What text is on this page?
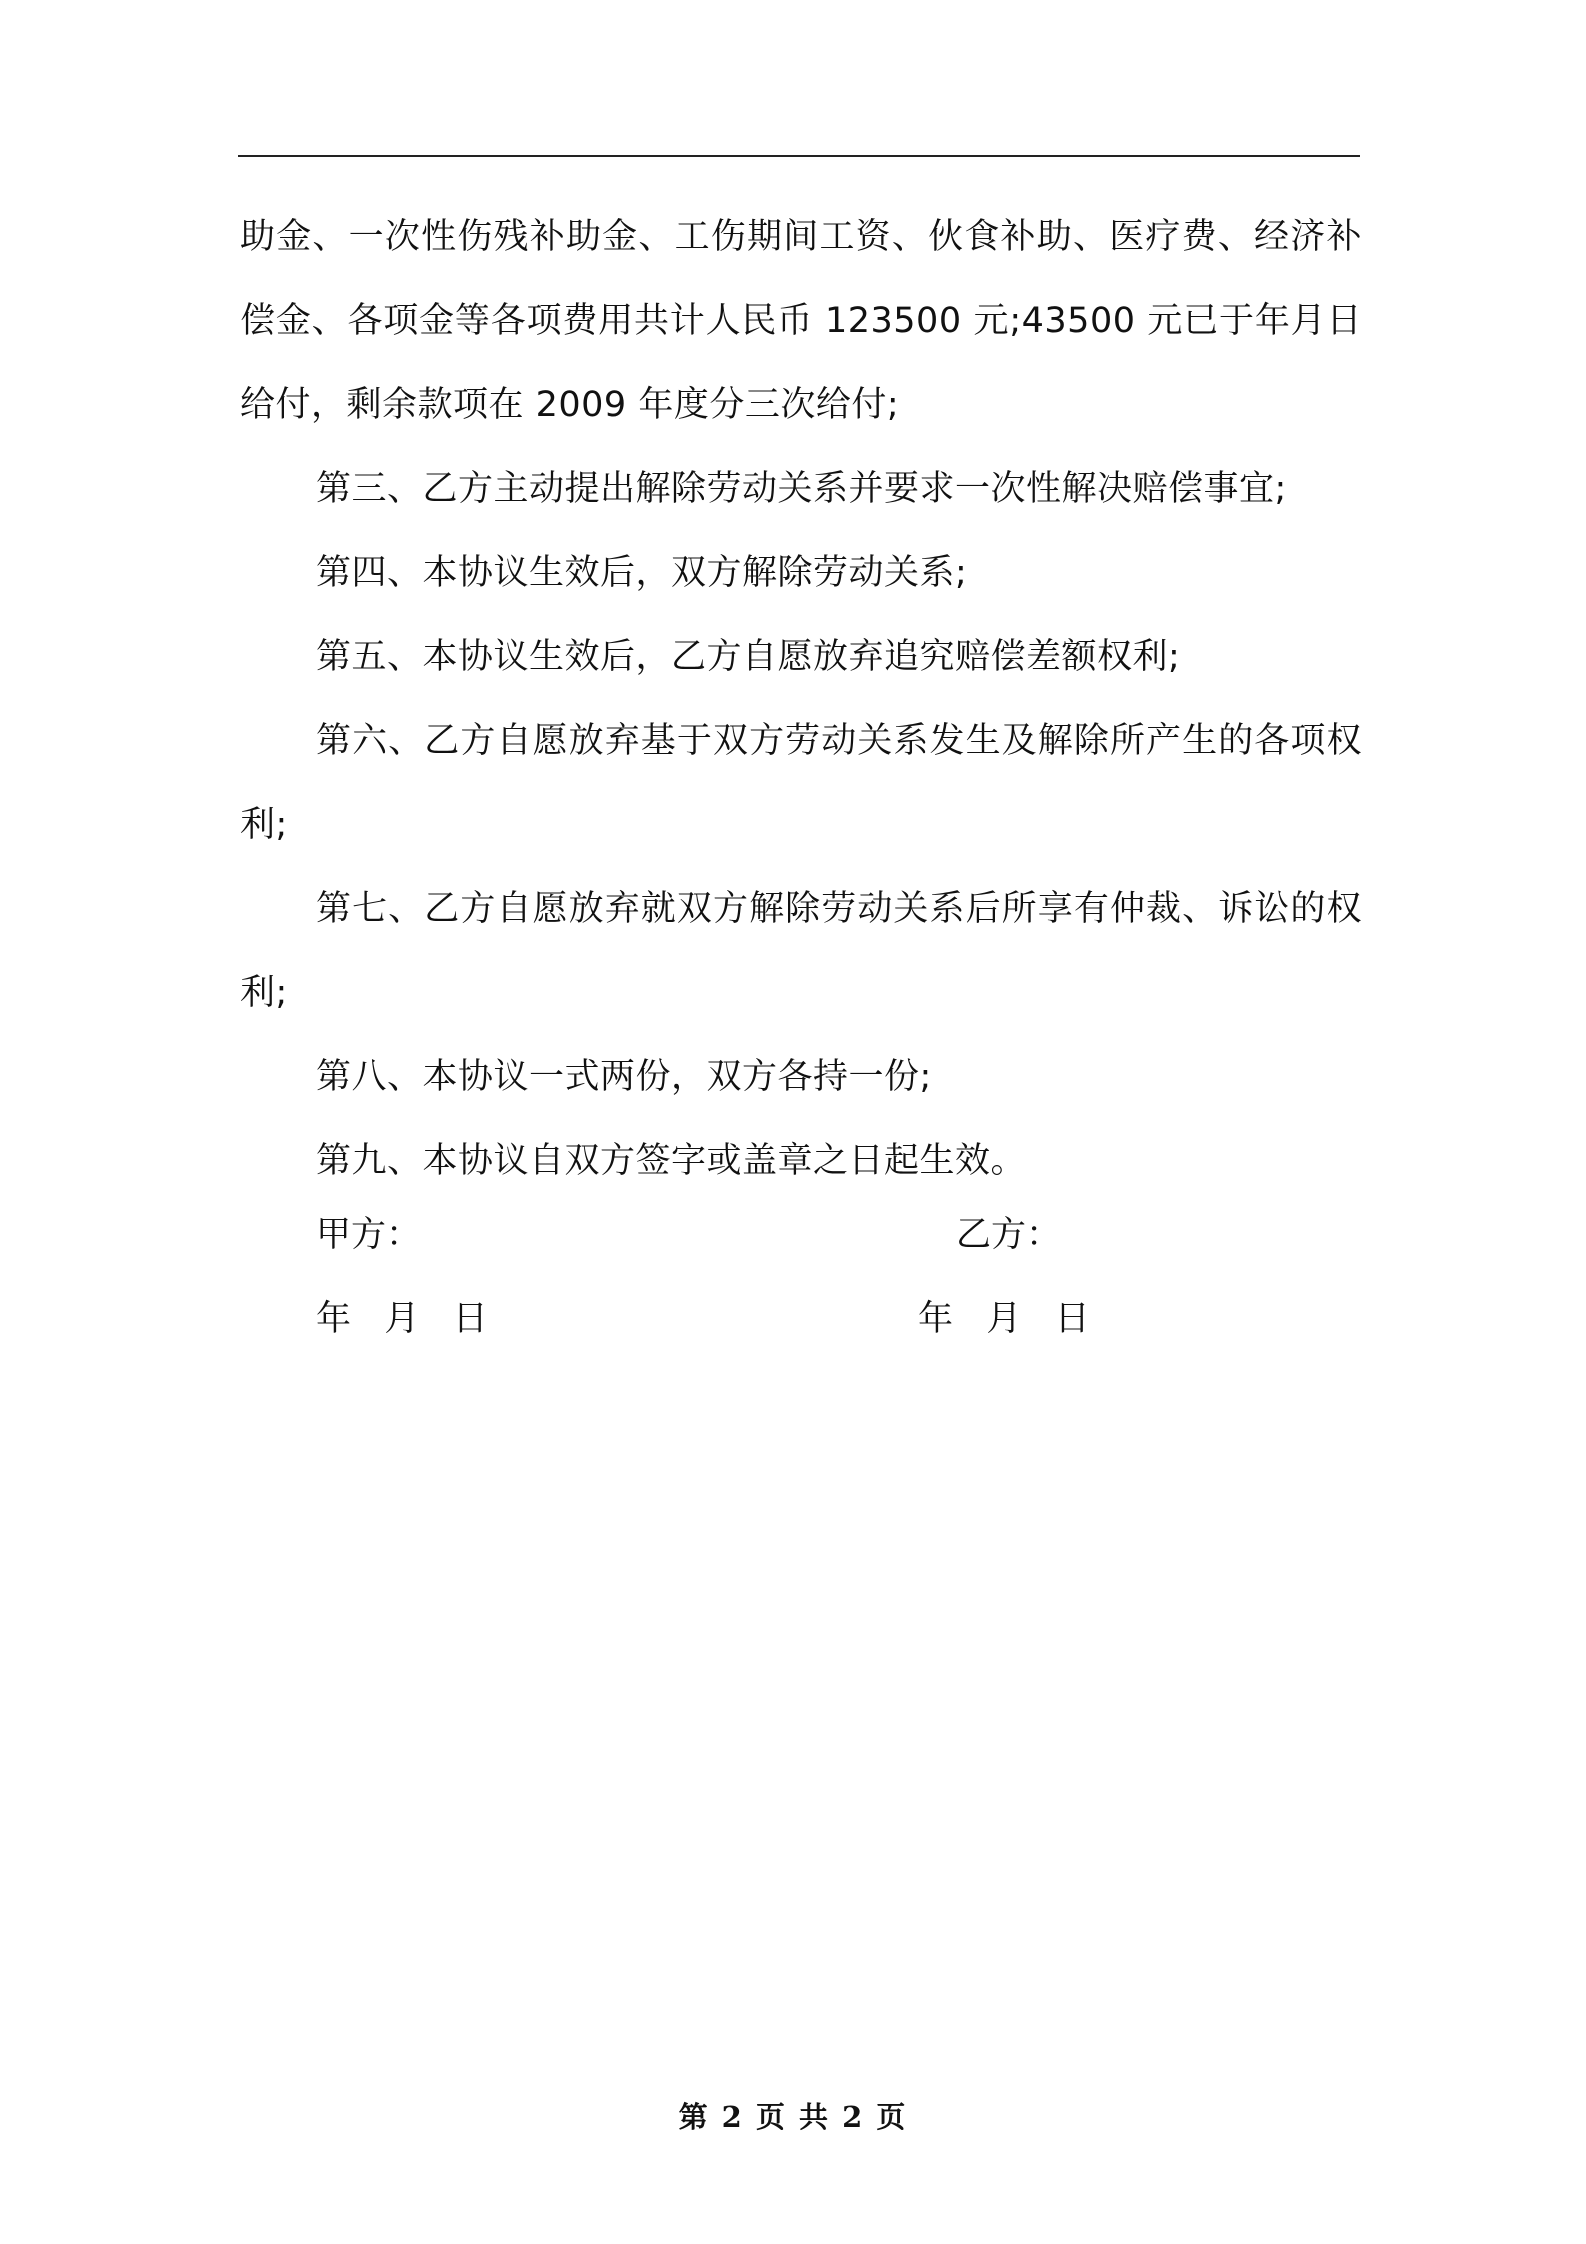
助金、一次性伤残补助金、工伤期间工资、伙食补助、医疗费、经济补偿金、各项金等各项费用共计人民币 123500 元;43500 元已于年月日给付，剩余款项在 2009 年度分三次给付;

第三、乙方主动提出解除劳动关系并要求一次性解决赔偿事宜;

第四、本协议生效后，双方解除劳动关系;

第五、本协议生效后，乙方自愿放弃追究赔偿差额权利;

第六、乙方自愿放弃基于双方劳动关系发生及解除所产生的各项权利;

第七、乙方自愿放弃就双方解除劳动关系后所享有仲裁、诉讼的权利;

第八、本协议一式两份，双方各持一份;

第九、本协议自双方签字或盖章之日起生效。

甲方：	乙方：
年   月   日	年   月   日
第 2 页 共 2 页
